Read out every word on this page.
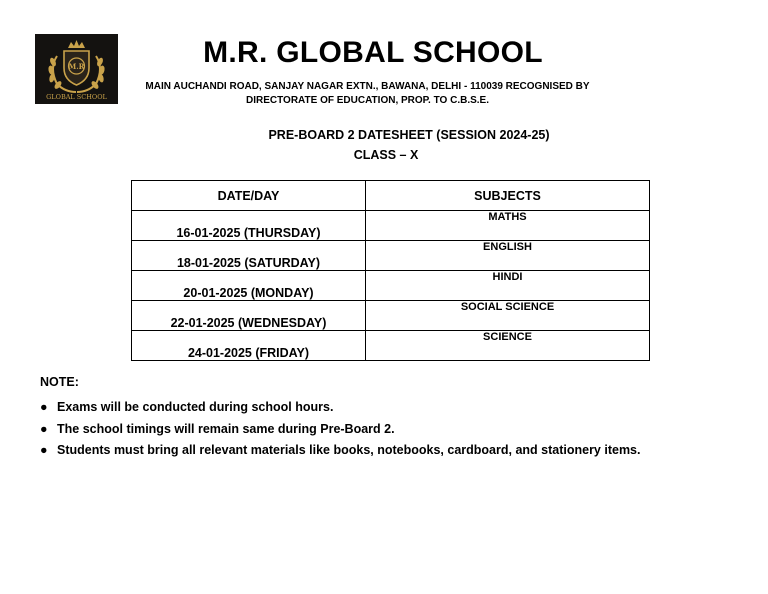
M.R
GLOBAL SCHOOL
M.R. GLOBAL SCHOOL
MAIN AUCHANDI ROAD, SANJAY NAGAR EXTN., BAWANA, DELHI - 110039 RECOGNISED BY
DIRECTORATE OF EDUCATION, PROP. TO C.B.S.E.
PRE-BOARD 2 DATESHEET (SESSION 2024-25)
CLASS – X
DATE/DAY	SUBJECTS
16-01-2025 (THURSDAY)	MATHS
18-01-2025 (SATURDAY)	ENGLISH
20-01-2025 (MONDAY)	HINDI
22-01-2025 (WEDNESDAY)	SOCIAL SCIENCE
24-01-2025 (FRIDAY)	SCIENCE
NOTE:
● Exams will be conducted during school hours.
● The school timings will remain same during Pre-Board 2.
● Students must bring all relevant materials like books, notebooks, cardboard, and stationery items.
